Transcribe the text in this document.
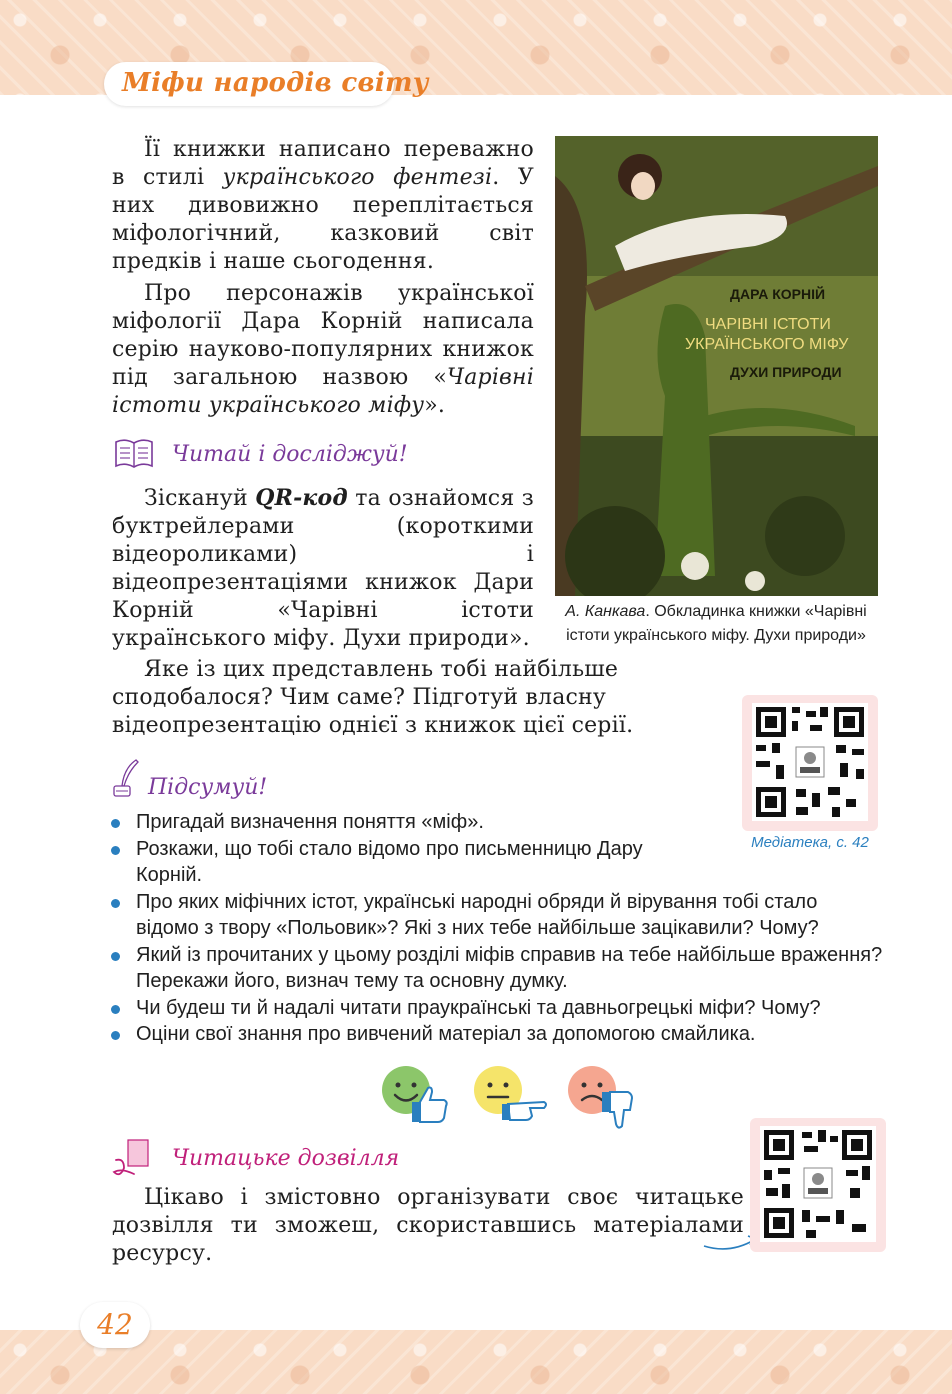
Міфи народів світу

Її книжки написано переважно в стилі українського фентезі. У них дивовижно переплітається міфологічний, казковий світ предків і наше сьогодення.

Про персонажів української міфології Дара Корній написала серію науково-популярних книжок під загальною назвою «Чарівні істоти українського міфу».

Читай і досліджуй!

Зіскануй QR-код та ознайомся з буктрейлерами (короткими відеороликами) і відеопрезентаціями книжок Дари Корній «Чарівні істоти українського міфу. Духи природи».

Яке із цих представлень тобі найбільше сподобалося? Чим саме? Підготуй власну відеопрезентацію однієї з книжок цієї серії.

ДАРА КОРНІЙ
ЧАРІВНІ ІСТОТИ
УКРАЇНСЬКОГО МІФУ
ДУХИ ПРИРОДИ
А. Канкава. Обкладинка книжки «Чарівні істоти українського міфу. Духи природи»
Медіатека, с. 42
Підсумуй!
Пригадай визначення поняття «міф».
Розкажи, що тобі стало відомо про письменницю Дару Корній.
Про яких міфічних істот, українські народні обряди й вірування тобі стало відомо з твору «Польовик»? Які з них тебе найбільше зацікавили? Чому?
Який із прочитаних у цьому розділі міфів справив на тебе найбільше враження? Перекажи його, визнач тему та основну думку.
Чи будеш ти й надалі читати праукраїнські та давньогрецькі міфи? Чому?
Оціни свої знання про вивчений матеріал за допомогою смайлика.
Читацьке дозвілля

Цікаво і змістовно організувати своє читацьке дозвілля ти зможеш, скориставшись матеріалами ресурсу.

42
